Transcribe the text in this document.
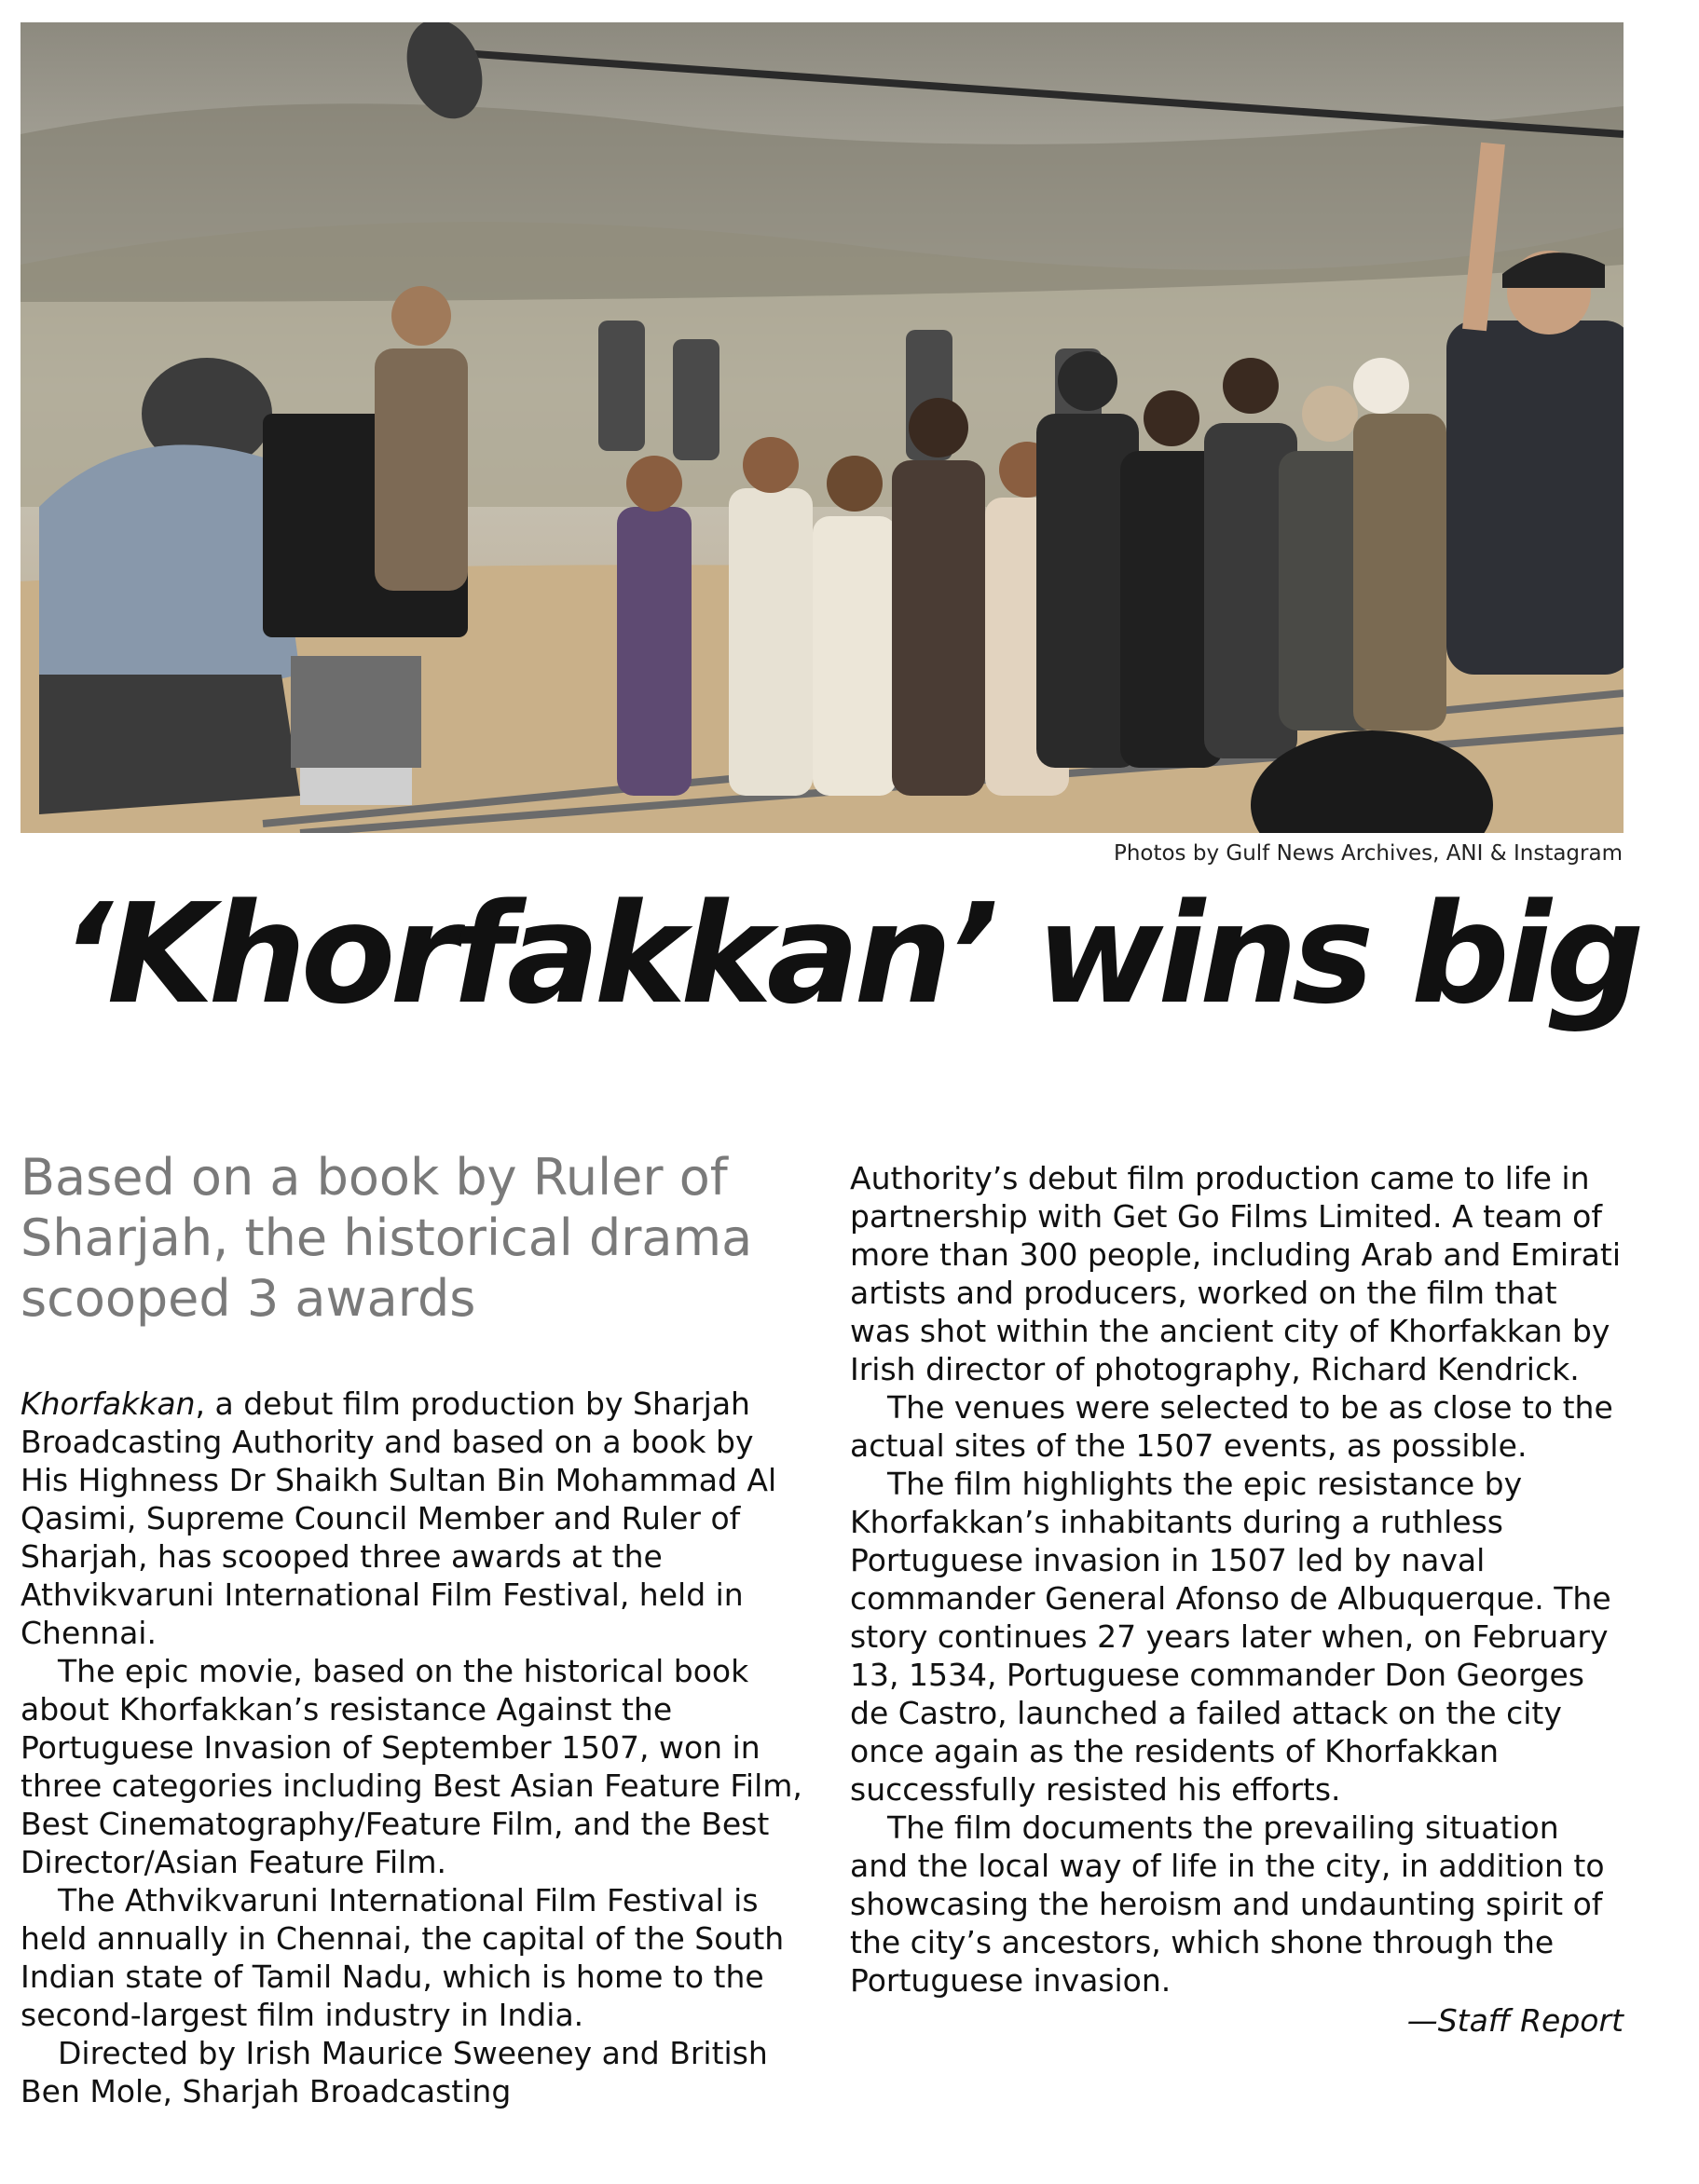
Photos by Gulf News Archives, ANI & Instagram
‘Khorfakkan’ wins big
Based on a book by Ruler of Sharjah, the historical drama scooped 3 awards

Khorfakkan, a debut film production by Sharjah Broadcasting Authority and based on a book by His Highness Dr Shaikh Sultan Bin Mohammad Al Qasimi, Supreme Council Member and Ruler of Sharjah, has scooped three awards at the Athvikvaruni International Film Festival, held in Chennai.

The epic movie, based on the historical book about Khorfakkan’s resistance Against the Portuguese Invasion of September 1507, won in three categories including Best Asian Feature Film, Best Cinematography/Feature Film, and the Best Director/Asian Feature Film.

The Athvikvaruni International Film Festival is held annually in Chennai, the capital of the South Indian state of Tamil Nadu, which is home to the second-largest film industry in India.

Directed by Irish Maurice Sweeney and British Ben Mole, Sharjah Broadcasting

Authority’s debut film production came to life in partnership with Get Go Films Limited. A team of more than 300 people, including Arab and Emirati artists and producers, worked on the film that was shot within the ancient city of Khorfakkan by Irish director of photography, Richard Kendrick.

The venues were selected to be as close to the actual sites of the 1507 events, as possible.

The film highlights the epic resistance by Khorfakkan’s inhabitants during a ruthless Portuguese invasion in 1507 led by naval commander General Afonso de Albuquerque. The story continues 27 years later when, on February 13, 1534, Portuguese commander Don Georges de Castro, launched a failed attack on the city once again as the residents of Khorfakkan successfully resisted his efforts.

The film documents the prevailing situation and the local way of life in the city, in addition to showcasing the heroism and undaunting spirit of the city’s ancestors, which shone through the Portuguese invasion.

—Staff Report
